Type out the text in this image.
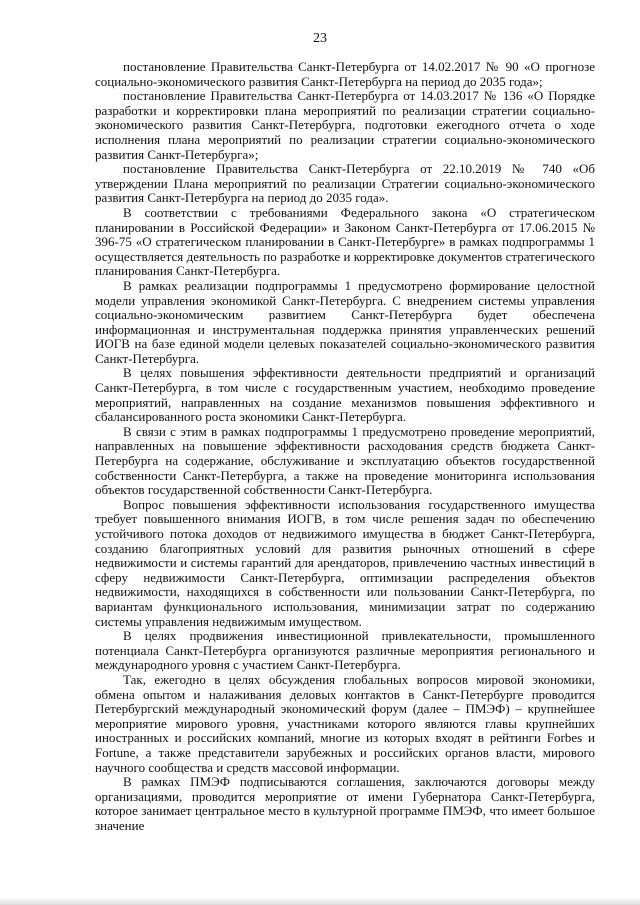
23

постановление Правительства Санкт-Петербурга от 14.02.2017 № 90 «О прогнозе социально-экономического развития Санкт-Петербурга на период до 2035 года»;

постановление Правительства Санкт-Петербурга от 14.03.2017 № 136 «О Порядке разработки и корректировки плана мероприятий по реализации стратегии социально-экономического развития Санкт-Петербурга, подготовки ежегодного отчета о ходе исполнения плана мероприятий по реализации стратегии социально-экономического развития Санкт-Петербурга»;

постановление Правительства Санкт-Петербурга от 22.10.2019 № 740 «Об утверждении Плана мероприятий по реализации Стратегии социально-экономического развития Санкт-Петербурга на период до 2035 года».

В соответствии с требованиями Федерального закона «О стратегическом планировании в Российской Федерации» и Законом Санкт-Петербурга от 17.06.2015 № 396-75 «О стратегическом планировании в Санкт-Петербурге» в рамках подпрограммы 1 осуществляется деятельность по разработке и корректировке документов стратегического планирования Санкт-Петербурга.

В рамках реализации подпрограммы 1 предусмотрено формирование целостной модели управления экономикой Санкт-Петербурга. С внедрением системы управления социально-экономическим развитием Санкт-Петербурга будет обеспечена информационная и инструментальная поддержка принятия управленческих решений ИОГВ на базе единой модели целевых показателей социально-экономического развития Санкт-Петербурга.

В целях повышения эффективности деятельности предприятий и организаций Санкт-Петербурга, в том числе с государственным участием, необходимо проведение мероприятий, направленных на создание механизмов повышения эффективного и сбалансированного роста экономики Санкт-Петербурга.

В связи с этим в рамках подпрограммы 1 предусмотрено проведение мероприятий, направленных на повышение эффективности расходования средств бюджета Санкт-Петербурга на содержание, обслуживание и эксплуатацию объектов государственной собственности Санкт-Петербурга, а также на проведение мониторинга использования объектов государственной собственности Санкт-Петербурга.

Вопрос повышения эффективности использования государственного имущества требует повышенного внимания ИОГВ, в том числе решения задач по обеспечению устойчивого потока доходов от недвижимого имущества в бюджет Санкт-Петербурга, созданию благоприятных условий для развития рыночных отношений в сфере недвижимости и системы гарантий для арендаторов, привлечению частных инвестиций в сферу недвижимости Санкт-Петербурга, оптимизации распределения объектов недвижимости, находящихся в собственности или пользовании Санкт-Петербурга, по вариантам функционального использования, минимизации затрат по содержанию системы управления недвижимым имуществом.

В целях продвижения инвестиционной привлекательности, промышленного потенциала Санкт-Петербурга организуются различные мероприятия регионального и международного уровня с участием Санкт-Петербурга.

Так, ежегодно в целях обсуждения глобальных вопросов мировой экономики, обмена опытом и налаживания деловых контактов в Санкт-Петербурге проводится Петербургский международный экономический форум (далее – ПМЭФ) – крупнейшее мероприятие мирового уровня, участниками которого являются главы крупнейших иностранных и российских компаний, многие из которых входят в рейтинги Forbes и Fortune, а также представители зарубежных и российских органов власти, мирового научного сообщества и средств массовой информации.

В рамках ПМЭФ подписываются соглашения, заключаются договоры между организациями, проводится мероприятие от имени Губернатора Санкт-Петербурга, которое занимает центральное место в культурной программе ПМЭФ, что имеет большое значение
